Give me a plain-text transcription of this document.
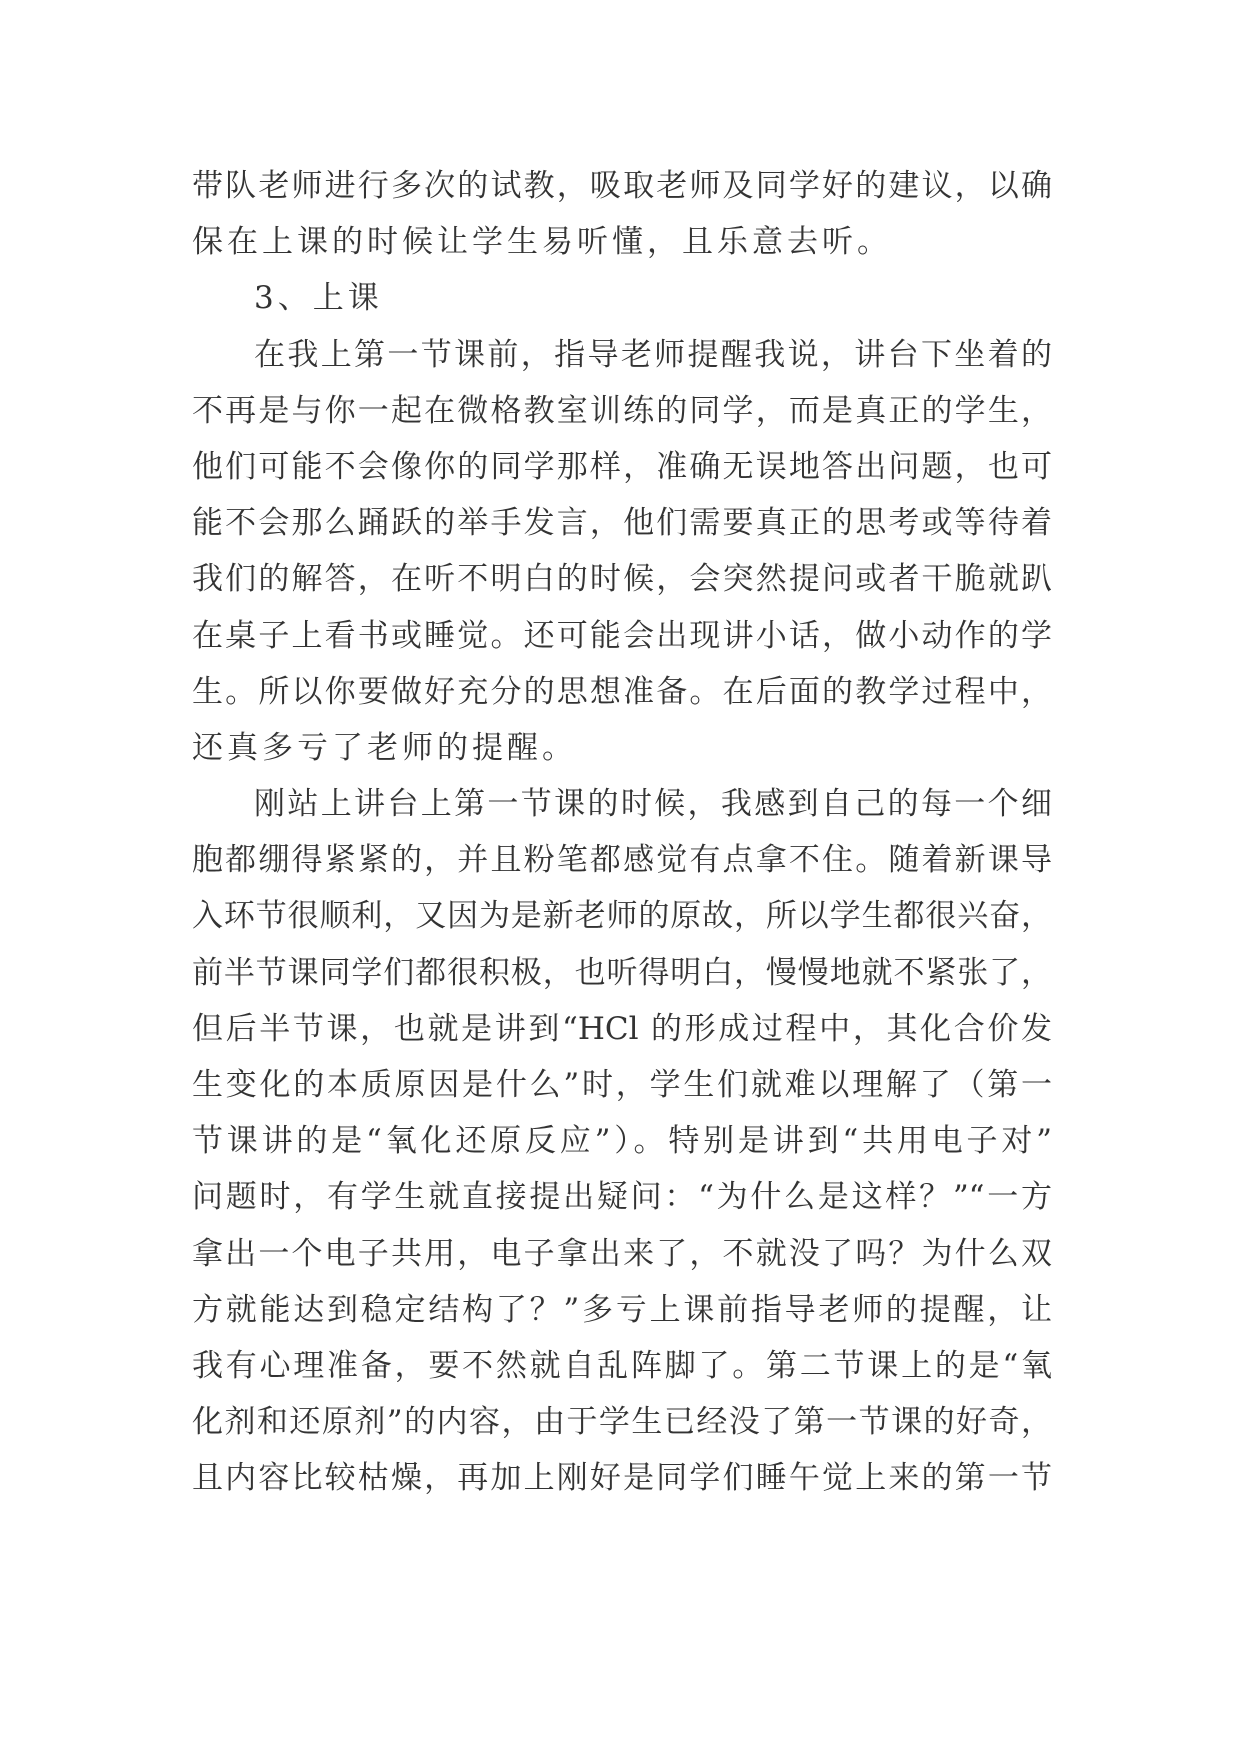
带队老师进行多次的试教，吸取老师及同学好的建议，以确
保在上课的时候让学生易听懂，且乐意去听。
3、上课
在我上第一节课前，指导老师提醒我说，讲台下坐着的
不再是与你一起在微格教室训练的同学，而是真正的学生，
他们可能不会像你的同学那样，准确无误地答出问题，也可
能不会那么踊跃的举手发言，他们需要真正的思考或等待着
我们的解答，在听不明白的时候，会突然提问或者干脆就趴
在桌子上看书或睡觉。还可能会出现讲小话，做小动作的学
生。所以你要做好充分的思想准备。在后面的教学过程中，
还真多亏了老师的提醒。
刚站上讲台上第一节课的时候，我感到自己的每一个细
胞都绷得紧紧的，并且粉笔都感觉有点拿不住。随着新课导
入环节很顺利，又因为是新老师的原故，所以学生都很兴奋，
前半节课同学们都很积极，也听得明白，慢慢地就不紧张了，
但后半节课，也就是讲到“HCl 的形成过程中，其化合价发
生变化的本质原因是什么”时，学生们就难以理解了（第一
节课讲的是“氧化还原反应”）。特别是讲到“共用电子对”
问题时，有学生就直接提出疑问：“为什么是这样？”“一方
拿出一个电子共用，电子拿出来了，不就没了吗？为什么双
方就能达到稳定结构了？”多亏上课前指导老师的提醒，让
我有心理准备，要不然就自乱阵脚了。第二节课上的是“氧
化剂和还原剂”的内容，由于学生已经没了第一节课的好奇，
且内容比较枯燥，再加上刚好是同学们睡午觉上来的第一节
